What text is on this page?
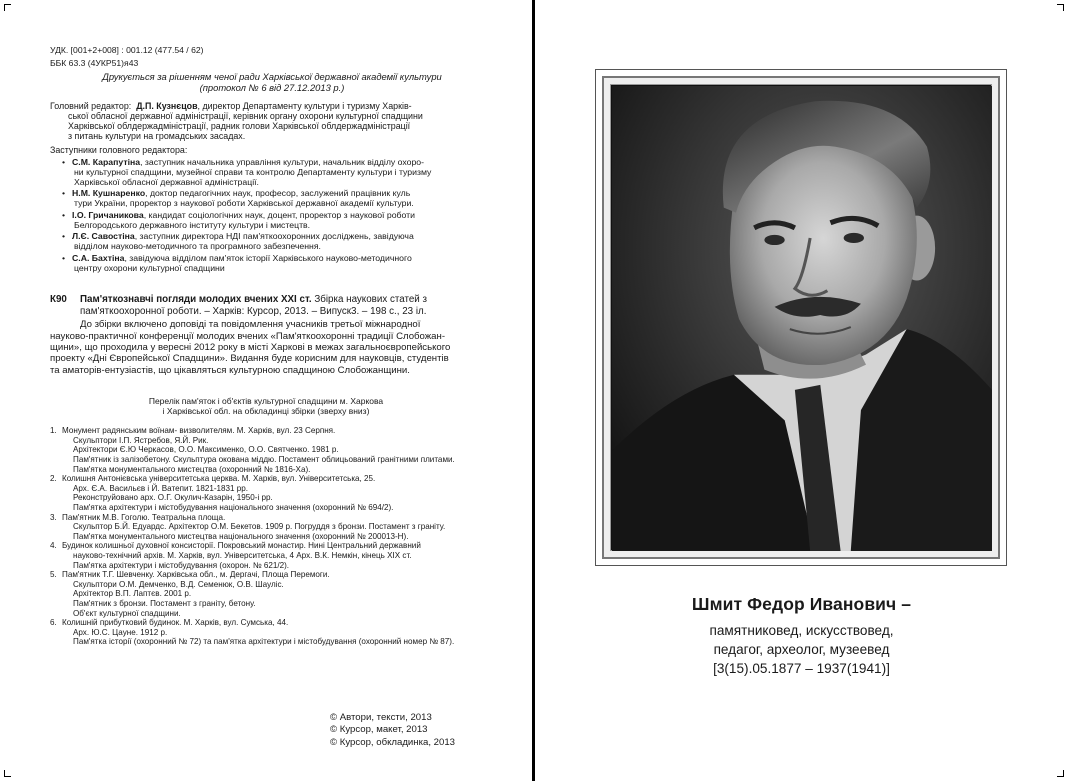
УДК. [001+2+008] : 001.12 (477.54 / 62)
ББК 63.3 (4УКР51)я43
Друкується за рішенням ченої ради Харківської державної академії культури
(протокол № 6 від 27.12.2013 р.)
Головний редактор: Д.П. Кузнєцов, директор Департаменту культури і туризму Харків-
ської обласної державної адміністрації, керівник органу охорони культурної спадщини
Харківської облдержадміністрації, радник голови Харківської облдержадміністрації
з питань культури на громадських засадах.
Заступники головного редактора:
• С.М. Карапутіна, заступник начальника управління культури, начальник відділу охоро-
ни культурної спадщини, музейної справи та контролю Департаменту культури і туризму
Харківської обласної державної адміністрації.
• Н.М. Кушнаренко, доктор педагогічних наук, професор, заслужений працівник куль
тури України, проректор з наукової роботи Харківської державної академії культури.
• І.О. Гричаникова, кандидат соціологічних наук, доцент, проректор з наукової роботи
Белгородського державного інституту культури і мистецтв.
• Л.Є. Савостіна, заступник директора НДІ пам'яткоохоронних досліджень, завідуюча
відділом науково-методичного та програмного забезпечення.
• С.А. Бахтіна, завідуюча відділом пам'яток історії Харківського науково-методичного
центру охорони культурної спадщини
К90	Пам'яткознавчі погляди молодих вчених XXI ст. Збірка наукових статей з
пам'яткоохоронної роботи. – Харків: Курсор, 2013. – Випуск3. – 198 с., 23 іл.
До збірки включено доповіді та повідомлення учасників третьої міжнародної
науково-практичної конференції молодих вчених «Пам'яткоохоронні традиції Слобожан-
щини», що проходила у вересні 2012 року в місті Харкові в межах загальноєвропейського
проекту «Дні Європейської Спадщини». Видання буде корисним для науковців, студентів
та аматорів-ентузіастів, що цікавляться культурною спадщиною Слобожанщини.
Перелік пам'яток і об'єктів культурної спадщини м. Харкова
і Харківської обл. на обкладинці збірки (зверху вниз)
1. Монумент радянським воїнам- визволителям. М. Харків, вул. 23 Серпня.
Скульптори І.П. Ястребов, Я.Й. Рик.
Архітектори Є.Ю Черкасов, О.О. Максименко, О.О. Святченко. 1981 р.
Пам'ятник із залізобетону. Скульптура окована міддю. Постамент облицьований гранітними плитами.
Пам'ятка монументального мистецтва (охоронний № 1816-Ха).
2. Колишня Антонієвська університетська церква. М. Харків, вул. Університетська, 25.
Арх. Є.А. Васильєв і Й. Ватепит. 1821-1831 рр.
Реконструйовано арх. О.Г. Окулич-Казарін, 1950-і рр.
Пам'ятка архітектури і містобудування національного значення (охоронний № 694/2).
3. Пам'ятник М.В. Гоголю. Театральна площа.
Скульптор Б.Й. Едуардс. Архітектор О.М. Бекетов. 1909 р. Погруддя з бронзи. Постамент з граніту.
Пам'ятка монументального мистецтва національного значення (охоронний № 200013-Н).
4. Будинок колишньої духовної консисторії. Покровський монастир. Нині Центральний державний
науково-технічний архів. М. Харків, вул. Університетська, 4 Арх. В.К. Немкін, кінець XIX ст.
Пам'ятка архітектури і містобудування (охорон. № 621/2).
5. Пам'ятник Т.Г. Шевченку. Харківська обл., м. Дергачі, Площа Перемоги.
Скульптори О.М. Демченко, В.Д. Семенюк, О.В. Шауліс.
Архітектор В.П. Лаптєв. 2001 р.
Пам'ятник з бронзи. Постамент з граніту, бетону.
Об'єкт культурної спадщини.
6. Колишній прибутковий будинок. М. Харків, вул. Сумська, 44.
Арх. Ю.С. Цауне. 1912 р.
Пам'ятка історії (охоронний № 72) та пам'ятка архітектури і містобудування (охоронний номер № 87).
© Автори, тексти, 2013
© Курсор, макет, 2013
© Курсор, обкладинка, 2013
Шмит Федор Иванович –
памятниковед, искусствовед,
педагог, археолог, музеевед
[3(15).05.1877 – 1937(1941)]
